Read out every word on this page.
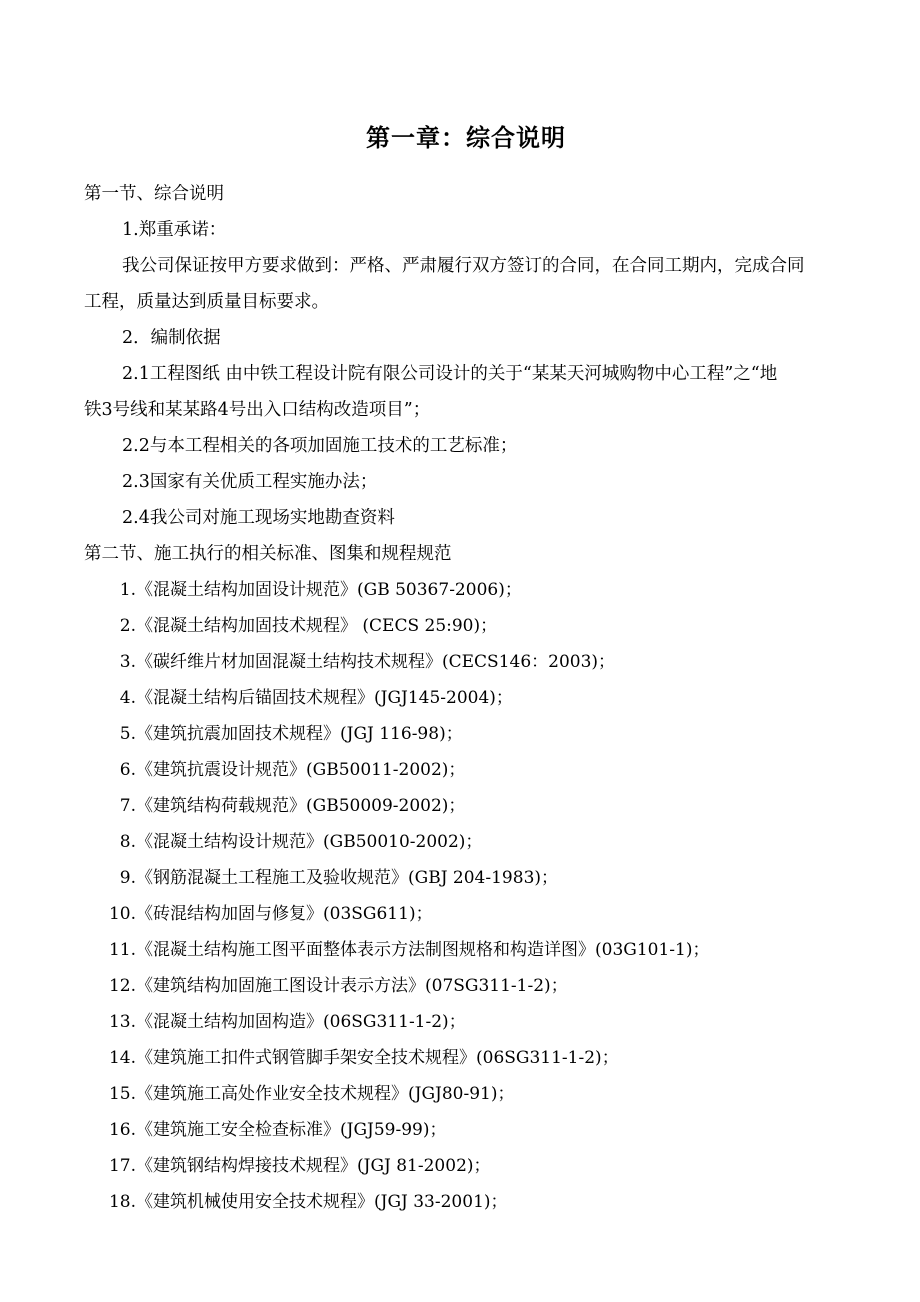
第一章：综合说明
第一节、综合说明
1.郑重承诺：
我公司保证按甲方要求做到：严格、严肃履行双方签订的合同，在合同工期内，完成合同
工程，质量达到质量目标要求。
2．编制依据
2.1工程图纸 由中铁工程设计院有限公司设计的关于“某某天河城购物中心工程”之“地
铁3号线和某某路4号出入口结构改造项目”；
2.2与本工程相关的各项加固施工技术的工艺标准；
2.3国家有关优质工程实施办法；
2.4我公司对施工现场实地勘查资料
第二节、施工执行的相关标准、图集和规程规范
1. 《混凝土结构加固设计规范》(GB 50367-2006)；
2. 《混凝土结构加固技术规程》 (CECS 25:90)；
3. 《碳纤维片材加固混凝土结构技术规程》(CECS146：2003)；
4. 《混凝土结构后锚固技术规程》(JGJ145-2004)；
5. 《建筑抗震加固技术规程》(JGJ 116-98)；
6. 《建筑抗震设计规范》(GB50011-2002)；
7. 《建筑结构荷载规范》(GB50009-2002)；
8. 《混凝土结构设计规范》(GB50010-2002)；
9. 《钢筋混凝土工程施工及验收规范》(GBJ 204-1983)；
10. 《砖混结构加固与修复》(03SG611)；
11. 《混凝土结构施工图平面整体表示方法制图规格和构造详图》(03G101-1)；
12. 《建筑结构加固施工图设计表示方法》(07SG311-1-2)；
13. 《混凝土结构加固构造》(06SG311-1-2)；
14. 《建筑施工扣件式钢管脚手架安全技术规程》(06SG311-1-2)；
15. 《建筑施工高处作业安全技术规程》(JGJ80-91)；
16. 《建筑施工安全检查标准》(JGJ59-99)；
17. 《建筑钢结构焊接技术规程》(JGJ 81-2002)；
18. 《建筑机械使用安全技术规程》(JGJ 33-2001)；
